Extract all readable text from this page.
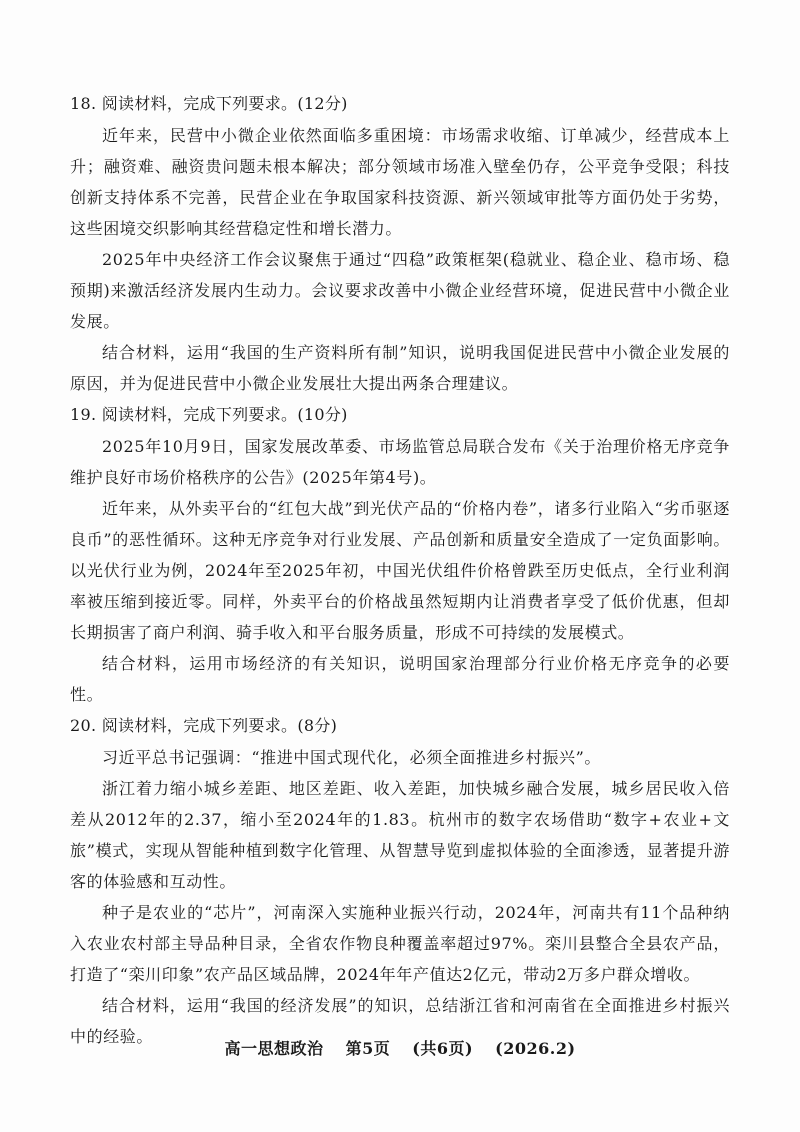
18. 阅读材料，完成下列要求。(12分)

近年来，民营中小微企业依然面临多重困境：市场需求收缩、订单减少，经营成本上升；融资难、融资贵问题未根本解决；部分领域市场准入壁垒仍存，公平竞争受限；科技创新支持体系不完善，民营企业在争取国家科技资源、新兴领域审批等方面仍处于劣势，这些困境交织影响其经营稳定性和增长潜力。

2025年中央经济工作会议聚焦于通过“四稳”政策框架(稳就业、稳企业、稳市场、稳预期)来激活经济发展内生动力。会议要求改善中小微企业经营环境，促进民营中小微企业发展。

结合材料，运用“我国的生产资料所有制”知识，说明我国促进民营中小微企业发展的原因，并为促进民营中小微企业发展壮大提出两条合理建议。

19. 阅读材料，完成下列要求。(10分)

2025年10月9日，国家发展改革委、市场监管总局联合发布《关于治理价格无序竞争维护良好市场价格秩序的公告》(2025年第4号)。

近年来，从外卖平台的“红包大战”到光伏产品的“价格内卷”，诸多行业陷入“劣币驱逐良币”的恶性循环。这种无序竞争对行业发展、产品创新和质量安全造成了一定负面影响。以光伏行业为例，2024年至2025年初，中国光伏组件价格曾跌至历史低点，全行业利润率被压缩到接近零。同样，外卖平台的价格战虽然短期内让消费者享受了低价优惠，但却长期损害了商户利润、骑手收入和平台服务质量，形成不可持续的发展模式。

结合材料，运用市场经济的有关知识，说明国家治理部分行业价格无序竞争的必要性。

20. 阅读材料，完成下列要求。(8分)

习近平总书记强调：“推进中国式现代化，必须全面推进乡村振兴”。

浙江着力缩小城乡差距、地区差距、收入差距，加快城乡融合发展，城乡居民收入倍差从2012年的2.37，缩小至2024年的1.83。杭州市的数字农场借助“数字+农业+文旅”模式，实现从智能种植到数字化管理、从智慧导览到虚拟体验的全面渗透，显著提升游客的体验感和互动性。

种子是农业的“芯片”，河南深入实施种业振兴行动，2024年，河南共有11个品种纳入农业农村部主导品种目录，全省农作物良种覆盖率超过97%。栾川县整合全县农产品，打造了“栾川印象”农产品区域品牌，2024年年产值达2亿元，带动2万多户群众增收。

结合材料，运用“我国的经济发展”的知识，总结浙江省和河南省在全面推进乡村振兴中的经验。

高一思想政治 第5页 (共6页) (2026.2)
